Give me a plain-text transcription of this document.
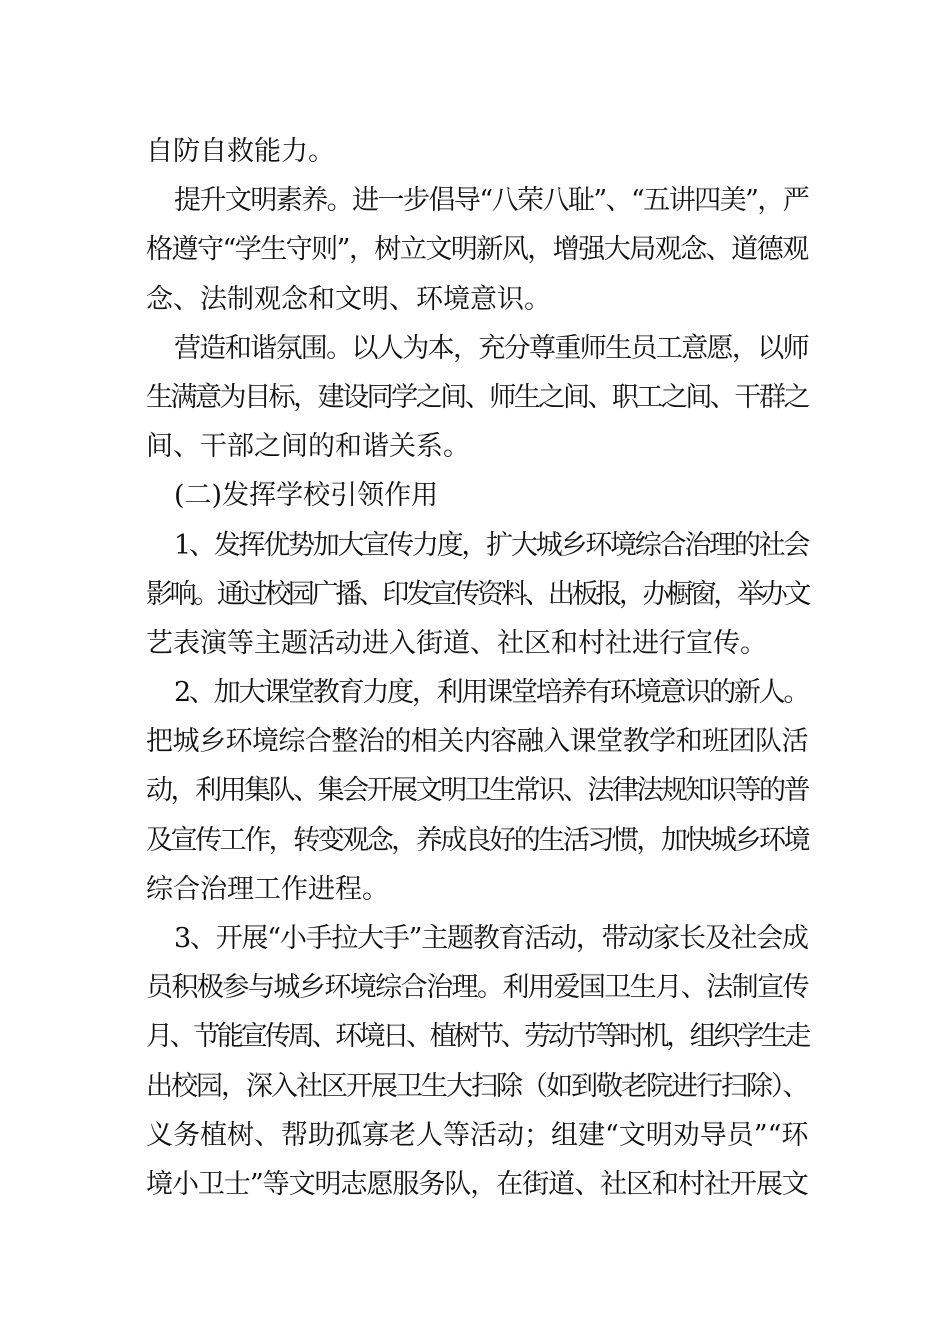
自防自救能力。
提升文明素养。进一步倡导“八荣八耻”、“五讲四美”，严
格遵守“学生守则”，树立文明新风，增强大局观念、道德观
念、法制观念和文明、环境意识。
营造和谐氛围。以人为本，充分尊重师生员工意愿，以师
生满意为目标，建设同学之间、师生之间、职工之间、干群之
间、干部之间的和谐关系。
(二)发挥学校引领作用
1、发挥优势加大宣传力度，扩大城乡环境综合治理的社会
影响。通过校园广播、印发宣传资料、出板报，办橱窗，举办文
艺表演等主题活动进入街道、社区和村社进行宣传。
2、加大课堂教育力度，利用课堂培养有环境意识的新人。
把城乡环境综合整治的相关内容融入课堂教学和班团队活
动，利用集队、集会开展文明卫生常识、法律法规知识等的普
及宣传工作，转变观念，养成良好的生活习惯，加快城乡环境
综合治理工作进程。
3、开展“小手拉大手”主题教育活动，带动家长及社会成
员积极参与城乡环境综合治理。利用爱国卫生月、法制宣传
月、节能宣传周、环境日、植树节、劳动节等时机，组织学生走
出校园，深入社区开展卫生大扫除（如到敬老院进行扫除）、
义务植树、帮助孤寡老人等活动；组建“文明劝导员”“环
境小卫士”等文明志愿服务队，在街道、社区和村社开展文
